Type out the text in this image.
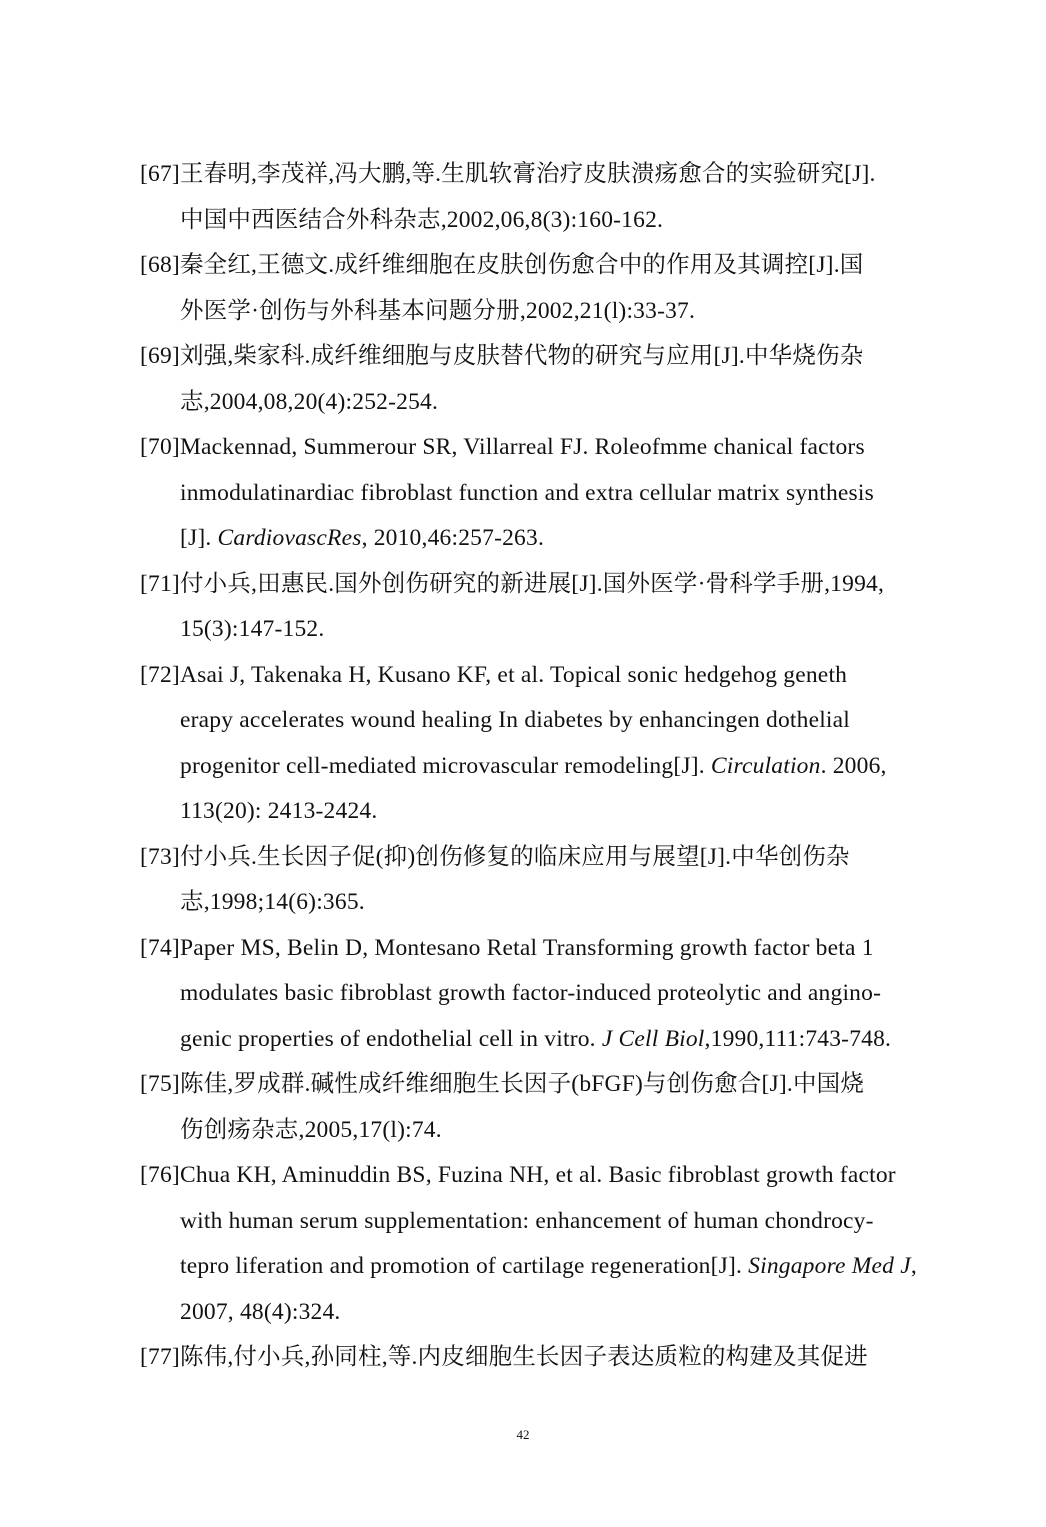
[67]王春明,李茂祥,冯大鹏,等.生肌软膏治疗皮肤溃疡愈合的实验研究[J].
中国中西医结合外科杂志,2002,06,8(3):160-162.

[68]秦全红,王德文.成纤维细胞在皮肤创伤愈合中的作用及其调控[J].国
外医学·创伤与外科基本问题分册,2002,21(l):33-37.

[69]刘强,柴家科.成纤维细胞与皮肤替代物的研究与应用[J].中华烧伤杂
志,2004,08,20(4):252-254.

[70]Mackennad, Summerour SR, Villarreal FJ. Roleofmme chanical factors
inmodulatinardiac fibroblast function and extra cellular matrix synthesis
[J]. CardiovascRes, 2010,46:257-263.

[71]付小兵,田惠民.国外创伤研究的新进展[J].国外医学·骨科学手册,1994,
15(3):147-152.

[72]Asai J, Takenaka H, Kusano KF, et al. Topical sonic hedgehog geneth
erapy accelerates wound healing In diabetes by enhancingen dothelial
progenitor cell-mediated microvascular remodeling[J]. Circulation. 2006,
113(20): 2413-2424.

[73]付小兵.生长因子促(抑)创伤修复的临床应用与展望[J].中华创伤杂
志,1998;14(6):365.

[74]Paper MS, Belin D, Montesano Retal Transforming growth factor beta 1
modulates basic fibroblast growth factor-induced proteolytic and angino-
genic properties of endothelial cell in vitro. J Cell Biol,1990,111:743-748.

[75]陈佳,罗成群.碱性成纤维细胞生长因子(bFGF)与创伤愈合[J].中国烧
伤创疡杂志,2005,17(l):74.

[76]Chua KH, Aminuddin BS, Fuzina NH, et al. Basic fibroblast growth factor
with human serum supplementation: enhancement of human chondrocy-
tepro liferation and promotion of cartilage regeneration[J]. Singapore Med J, 2007, 48(4):324.

[77]陈伟,付小兵,孙同柱,等.内皮细胞生长因子表达质粒的构建及其促进

42
